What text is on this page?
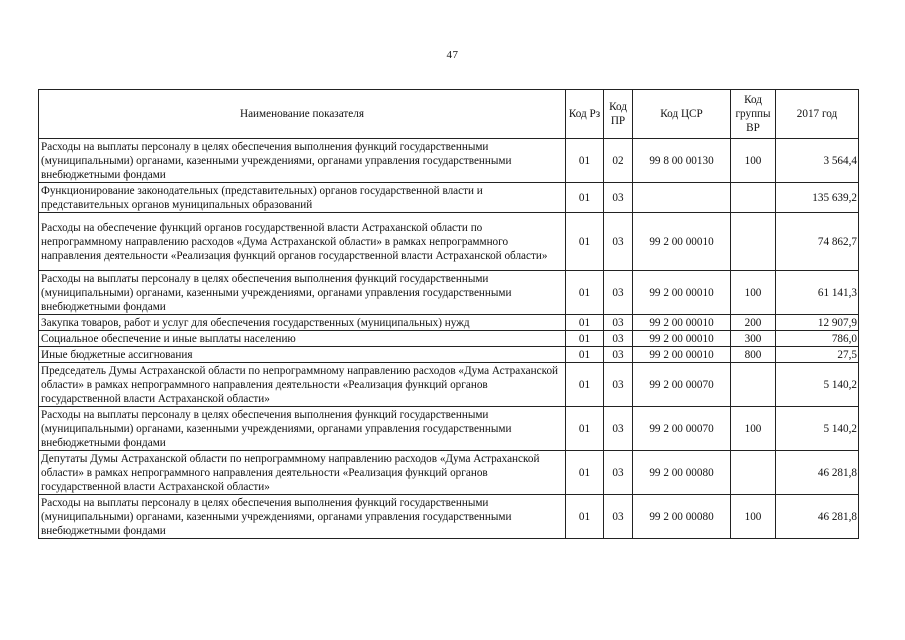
47
Наименование показателя	Код Рз	Код ПР	Код ЦСР	Код группы ВР	2017 год
Расходы на выплаты персоналу в целях обеспечения выполнения функций государственными (муниципальными) органами, казенными учреждениями, органами управления государственными внебюджетными фондами	01	02	99 8 00 00130	100	3 564,4
Функционирование законодательных (представительных) органов государственной власти и представительных органов муниципальных образований	01	03			135 639,2
Расходы на обеспечение функций органов государственной власти Астраханской области по непрограммному направлению расходов «Дума Астраханской области» в рамках непрограммного направления деятельности «Реализация функций органов государственной власти Астраханской области»	01	03	99 2 00 00010		74 862,7
Расходы на выплаты персоналу в целях обеспечения выполнения функций государственными (муниципальными) органами, казенными учреждениями, органами управления государственными внебюджетными фондами	01	03	99 2 00 00010	100	61 141,3
Закупка товаров, работ и услуг для обеспечения государственных (муниципальных) нужд	01	03	99 2 00 00010	200	12 907,9
Социальное обеспечение и иные выплаты населению	01	03	99 2 00 00010	300	786,0
Иные бюджетные ассигнования	01	03	99 2 00 00010	800	27,5
Председатель Думы Астраханской области по непрограммному направлению расходов «Дума Астраханской области» в рамках непрограммного направления деятельности «Реализация функций органов государственной власти Астраханской области»	01	03	99 2 00 00070		5 140,2
Расходы на выплаты персоналу в целях обеспечения выполнения функций государственными (муниципальными) органами, казенными учреждениями, органами управления государственными внебюджетными фондами	01	03	99 2 00 00070	100	5 140,2
Депутаты Думы Астраханской области по непрограммному направлению расходов «Дума Астраханской области» в рамках непрограммного направления деятельности «Реализация функций органов государственной власти Астраханской области»	01	03	99 2 00 00080		46 281,8
Расходы на выплаты персоналу в целях обеспечения выполнения функций государственными (муниципальными) органами, казенными учреждениями, органами управления государственными внебюджетными фондами	01	03	99 2 00 00080	100	46 281,8
